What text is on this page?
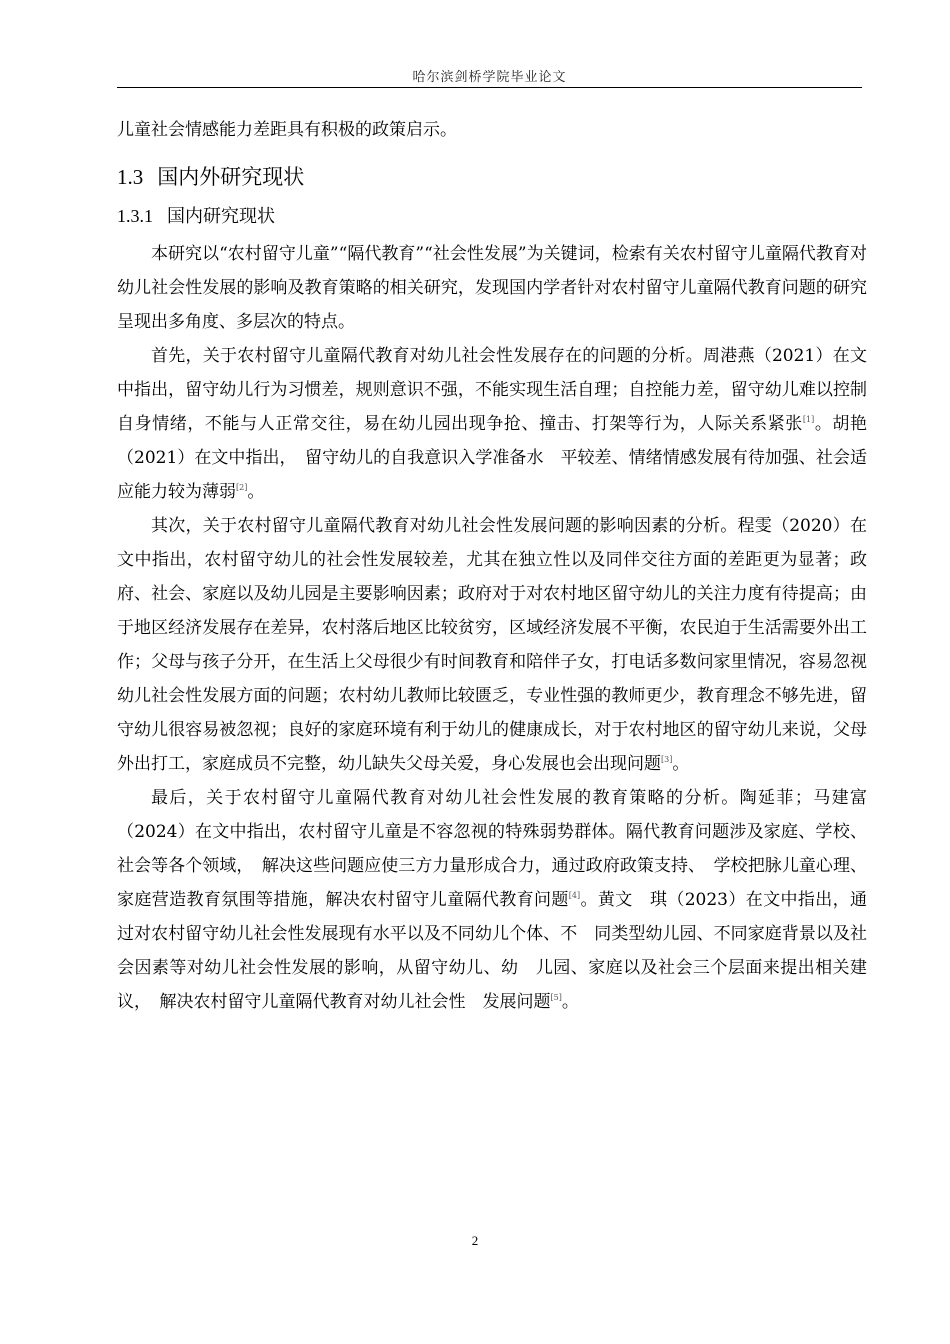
哈尔滨剑桥学院毕业论文

儿童社会情感能力差距具有积极的政策启示。

1.3 国内外研究现状
1.3.1 国内研究现状

本研究以“农村留守儿童”“隔代教育”“社会性发展”为关键词，检索有关农村留守儿童隔代教育对幼儿社会性发展的影响及教育策略的相关研究，发现国内学者针对农村留守儿童隔代教育问题的研究呈现出多角度、多层次的特点。

首先，关于农村留守儿童隔代教育对幼儿社会性发展存在的问题的分析。周港燕（2021）在文中指出，留守幼儿行为习惯差，规则意识不强，不能实现生活自理；自控能力差，留守幼儿难以控制自身情绪，不能与人正常交往，易在幼儿园出现争抢、撞击、打架等行为，人际关系紧张[1]。胡艳（2021）在文中指出，　留守幼儿的自我意识入学准备水　平较差、情绪情感发展有待加强、社会适应能力较为薄弱[2]。

其次，关于农村留守儿童隔代教育对幼儿社会性发展问题的影响因素的分析。程雯（2020）在文中指出，农村留守幼儿的社会性发展较差，尤其在独立性以及同伴交往方面的差距更为显著；政府、社会、家庭以及幼儿园是主要影响因素；政府对于对农村地区留守幼儿的关注力度有待提高；由于地区经济发展存在差异，农村落后地区比较贫穷，区域经济发展不平衡，农民迫于生活需要外出工作；父母与孩子分开，在生活上父母很少有时间教育和陪伴子女，打电话多数问家里情况，容易忽视幼儿社会性发展方面的问题；农村幼儿教师比较匮乏，专业性强的教师更少，教育理念不够先进，留守幼儿很容易被忽视；良好的家庭环境有利于幼儿的健康成长，对于农村地区的留守幼儿来说，父母外出打工，家庭成员不完整，幼儿缺失父母关爱，身心发展也会出现问题[3]。

最后，关于农村留守儿童隔代教育对幼儿社会性发展的教育策略的分析。陶延菲；马建富（2024）在文中指出，农村留守儿童是不容忽视的特殊弱势群体。隔代教育问题涉及家庭、学校、社会等各个领域，　解决这些问题应使三方力量形成合力，通过政府政策支持、　学校把脉儿童心理、家庭营造教育氛围等措施，解决农村留守儿童隔代教育问题[4]。黄文　琪（2023）在文中指出，通过对农村留守幼儿社会性发展现有水平以及不同幼儿个体、不　同类型幼儿园、不同家庭背景以及社会因素等对幼儿社会性发展的影响，从留守幼儿、幼　儿园、家庭以及社会三个层面来提出相关建议，　解决农村留守儿童隔代教育对幼儿社会性　发展问题[5]。

2
